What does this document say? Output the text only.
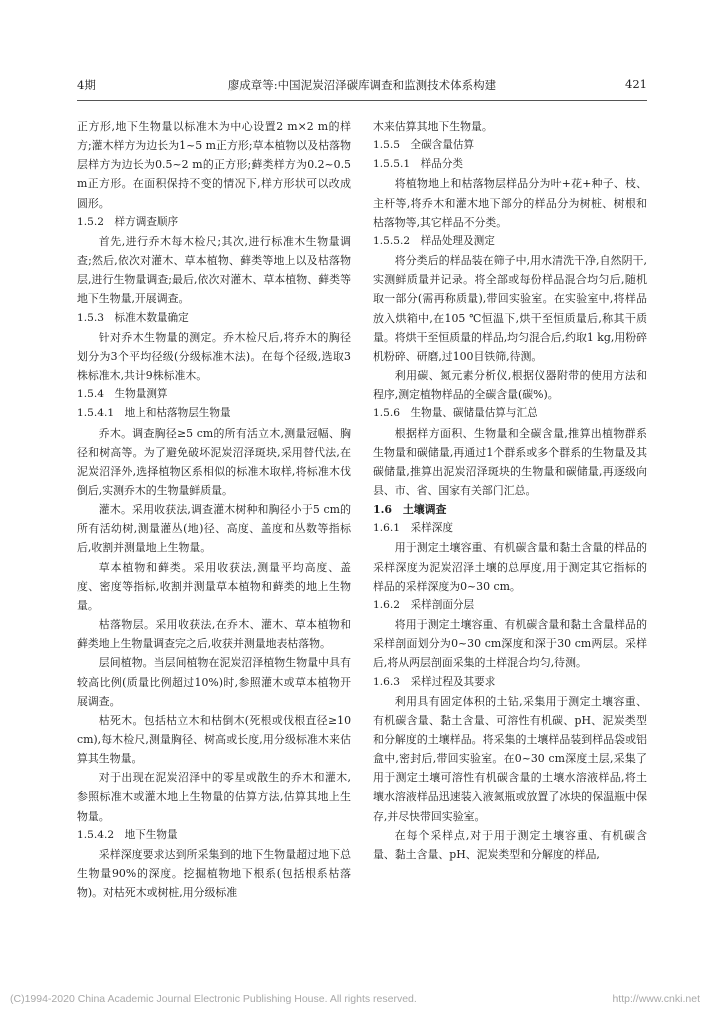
4期	廖成章等:中国泥炭沼泽碳库调查和监测技术体系构建	421
正方形,地下生物量以标准木为中心设置2 m×2 m的样方;灌木样方为边长为1~5 m正方形;草本植物以及枯落物层样方为边长为0.5~2 m的正方形;藓类样方为0.2~0.5 m正方形。在面积保持不变的情况下,样方形状可以改成圆形。
1.5.2　样方调查顺序
首先,进行乔木每木检尺;其次,进行标准木生物量调查;然后,依次对灌木、草本植物、藓类等地上以及枯落物层,进行生物量调查;最后,依次对灌木、草本植物、藓类等地下生物量,开展调查。
1.5.3　标准木数量确定
针对乔木生物量的测定。乔木检尺后,将乔木的胸径划分为3个平均径级(分级标准木法)。在每个径级,选取3株标准木,共计9株标准木。
1.5.4　生物量测算
1.5.4.1　地上和枯落物层生物量
乔木。调查胸径≥5 cm的所有活立木,测量冠幅、胸径和树高等。为了避免破坏泥炭沼泽斑块,采用替代法,在泥炭沼泽外,选择植物区系相似的标准木取样,将标准木伐倒后,实测乔木的生物量鲜质量。
灌木。采用收获法,调查灌木树种和胸径小于5 cm的所有活幼树,测量灌丛(地)径、高度、盖度和丛数等指标后,收割并测量地上生物量。
草本植物和藓类。采用收获法,测量平均高度、盖度、密度等指标,收割并测量草本植物和藓类的地上生物量。
枯落物层。采用收获法,在乔木、灌木、草本植物和藓类地上生物量调查完之后,收获并测量地表枯落物。
层间植物。当层间植物在泥炭沼泽植物生物量中具有较高比例(质量比例超过10%)时,参照灌木或草本植物开展调查。
枯死木。包括枯立木和枯倒木(死根或伐根直径≥10 cm),每木检尺,测量胸径、树高或长度,用分级标准木来估算其生物量。
对于出现在泥炭沼泽中的零星或散生的乔木和灌木,参照标准木或灌木地上生物量的估算方法,估算其地上生物量。
1.5.4.2　地下生物量
采样深度要求达到所采集到的地下生物量超过地下总生物量90%的深度。挖掘植物地下根系(包括根系枯落物)。对枯死木或树桩,用分级标准
木来估算其地下生物量。
1.5.5　全碳含量估算
1.5.5.1　样品分类
将植物地上和枯落物层样品分为叶+花+种子、枝、主杆等,将乔木和灌木地下部分的样品分为树桩、树根和枯落物等,其它样品不分类。
1.5.5.2　样品处理及测定
将分类后的样品装在筛子中,用水清洗干净,自然阴干,实测鲜质量并记录。将全部或每份样品混合均匀后,随机取一部分(需再称质量),带回实验室。在实验室中,将样品放入烘箱中,在105 ℃恒温下,烘干至恒质量后,称其干质量。将烘干至恒质量的样品,均匀混合后,约取1 kg,用粉碎机粉碎、研磨,过100目铁筛,待测。
利用碳、氮元素分析仪,根据仪器附带的使用方法和程序,测定植物样品的全碳含量(碳%)。
1.5.6　生物量、碳储量估算与汇总
根据样方面积、生物量和全碳含量,推算出植物群系生物量和碳储量,再通过1个群系或多个群系的生物量及其碳储量,推算出泥炭沼泽斑块的生物量和碳储量,再逐级向县、市、省、国家有关部门汇总。
1.6　土壤调查
1.6.1　采样深度
用于测定土壤容重、有机碳含量和黏土含量的样品的采样深度为泥炭沼泽土壤的总厚度,用于测定其它指标的样品的采样深度为0~30 cm。
1.6.2　采样剖面分层
将用于测定土壤容重、有机碳含量和黏土含量样品的采样剖面划分为0~30 cm深度和深于30 cm两层。采样后,将从两层剖面采集的土样混合均匀,待测。
1.6.3　采样过程及其要求
利用具有固定体积的土钻,采集用于测定土壤容重、有机碳含量、黏土含量、可溶性有机碳、pH、泥炭类型和分解度的土壤样品。将采集的土壤样品装到样品袋或铝盒中,密封后,带回实验室。在0~30 cm深度土层,采集了用于测定土壤可溶性有机碳含量的土壤水溶液样品,将土壤水溶液样品迅速装入液氮瓶或放置了冰块的保温瓶中保存,并尽快带回实验室。
在每个采样点,对于用于测定土壤容重、有机碳含量、黏土含量、pH、泥炭类型和分解度的样品,
(C)1994-2020 China Academic Journal Electronic Publishing House. All rights reserved.	http://www.cnki.net
